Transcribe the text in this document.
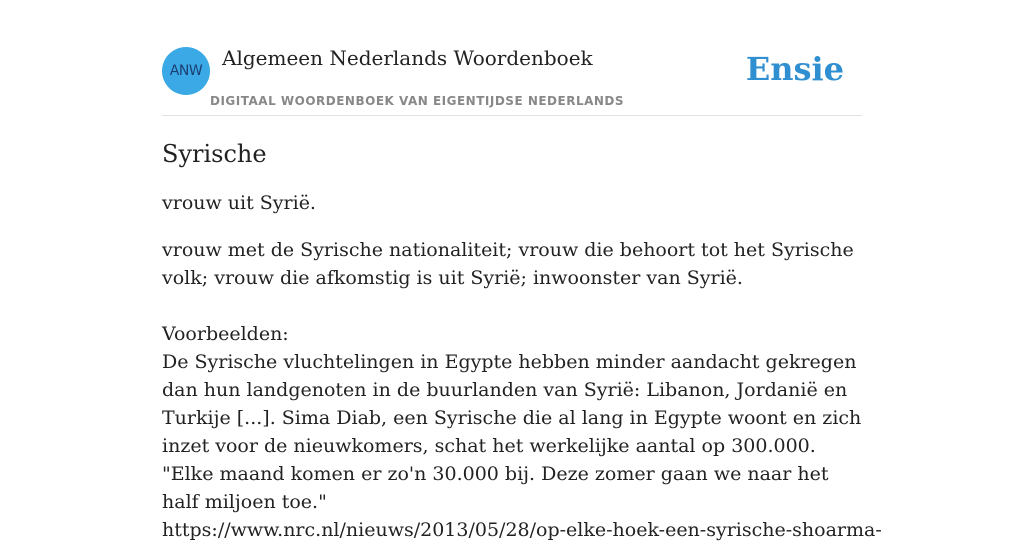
ANW
Algemeen Nederlands Woordenboek
DIGITAAL WOORDENBOEK VAN EIGENTIJDSE NEDERLANDS
Ensie
Syrische

vrouw uit Syrië.

vrouw met de Syrische nationaliteit; vrouw die behoort tot het Syrische volk; vrouw die afkomstig is uit Syrië; inwoonster van Syrië.

Voorbeelden:

De Syrische vluchtelingen in Egypte hebben minder aandacht gekregen dan hun landgenoten in de buurlanden van Syrië: Libanon, Jordanië en Turkije [...]. Sima Diab, een Syrische die al lang in Egypte woont en zich inzet voor de nieuwkomers, schat het werkelijke aantal op 300.000. "Elke maand komen er zo'n 30.000 bij. Deze zomer gaan we naar het half miljoen toe."

https://www.nrc.nl/nieuws/2013/05/28/op-elke-hoek-een-syrische-shoarma-
